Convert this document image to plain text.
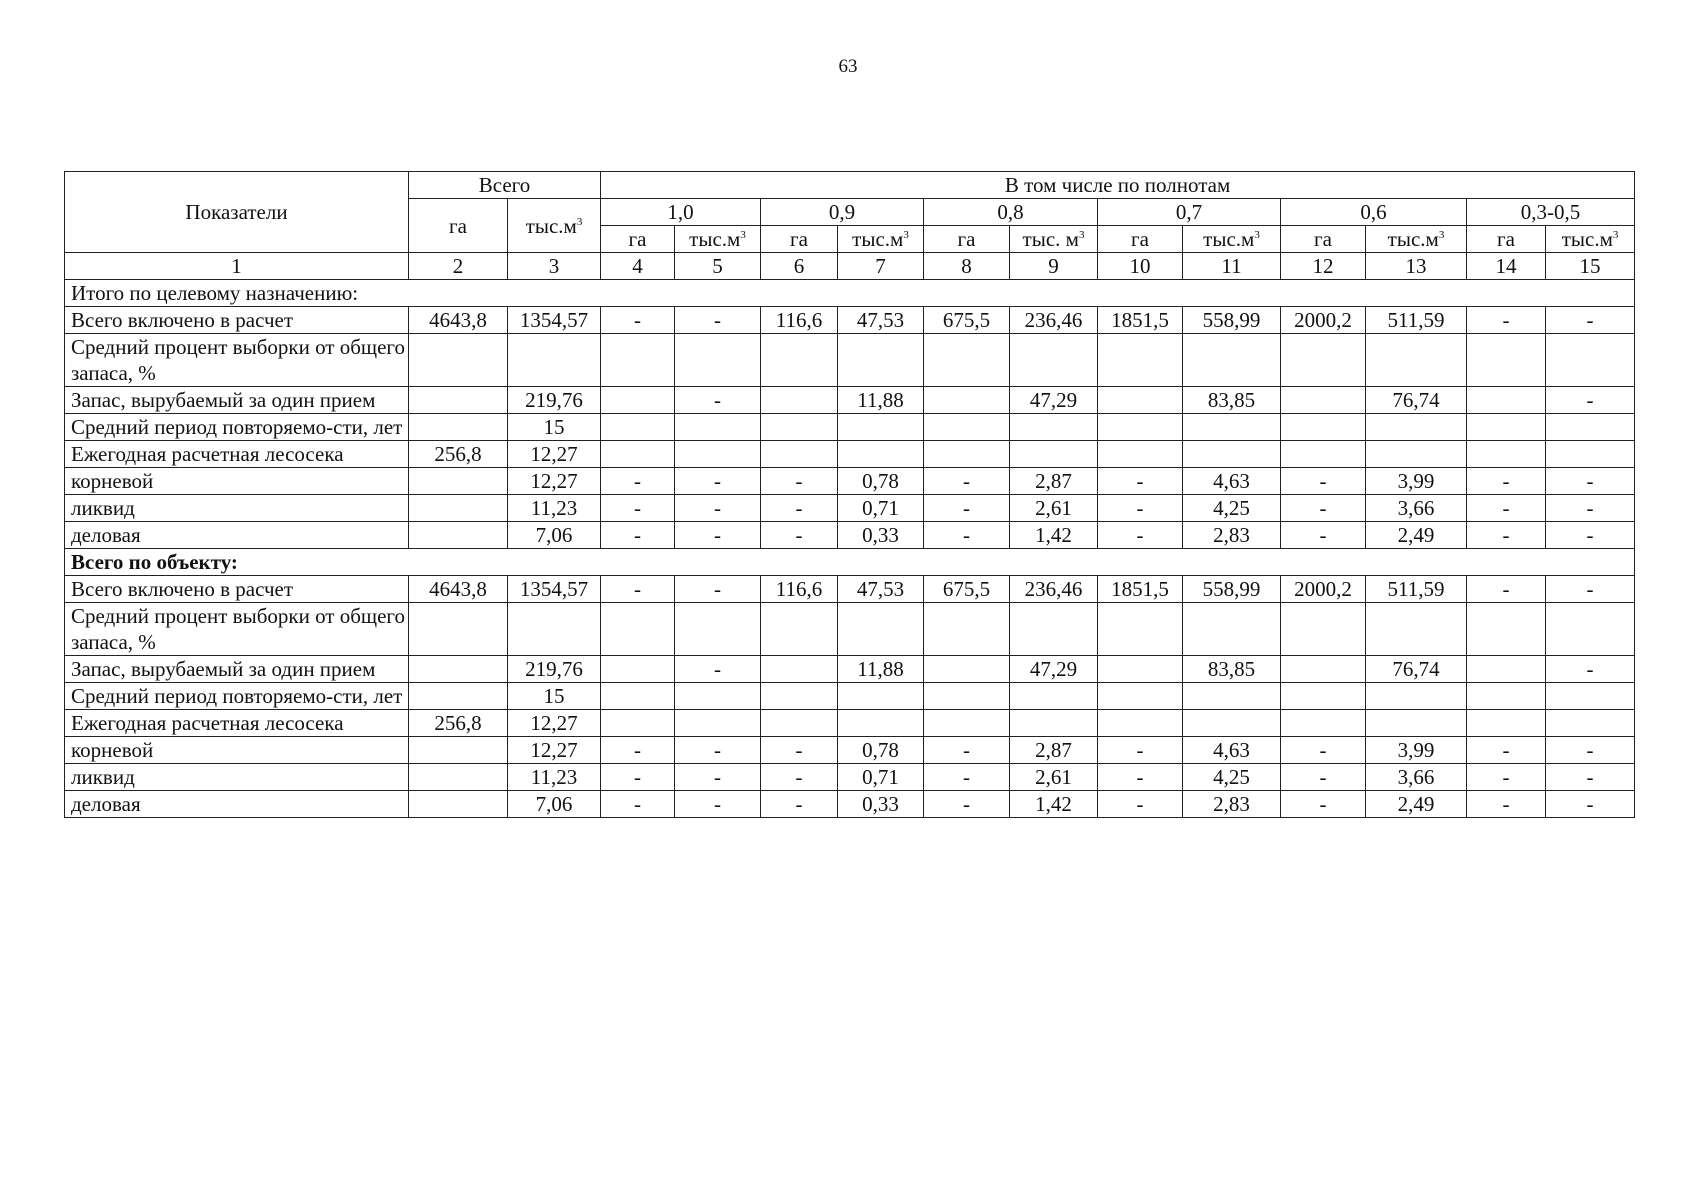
63
Показатели	Всего		В том числе по полнотам											
	га	$тыс.м^3$	1,0		0,9		0,8		0,7		0,6		0,3-0,5	
			га	$тыс.м^3$	га	$тыс.м^3$	га	тыс. $м^3$	га	$тыс.м^3$	га	$тыс.м^3$	га	$тыс.м^3$
1	2	3	4	5	6	7	8	9	10	11	12	13	14	15
Итого по целевому назначению:														
Всего включено в расчет	4643,8	1354,57	-	-	116,6	47,53	675,5	236,46	1851,5	558,99	2000,2	511,59	-	-
Средний процент выборки от общего запаса, %														
Запас, вырубаемый за один прием		219,76		-		11,88		47,29		83,85		76,74		-
Средний период повторяемо-сти, лет		15												
Ежегодная расчетная лесосека	256,8	12,27												
корневой		12,27	-	-	-	0,78	-	2,87	-	4,63	-	3,99	-	-
ликвид		11,23	-	-	-	0,71	-	2,61	-	4,25	-	3,66	-	-
деловая		7,06	-	-	-	0,33	-	1,42	-	2,83	-	2,49	-	-
Всего по объекту:														
Всего включено в расчет	4643,8	1354,57	-	-	116,6	47,53	675,5	236,46	1851,5	558,99	2000,2	511,59	-	-
Средний процент выборки от общего запаса, %														
Запас, вырубаемый за один прием		219,76		-		11,88		47,29		83,85		76,74		-
Средний период повторяемо-сти, лет		15												
Ежегодная расчетная лесосека	256,8	12,27												
корневой		12,27	-	-	-	0,78	-	2,87	-	4,63	-	3,99	-	-
ликвид		11,23	-	-	-	0,71	-	2,61	-	4,25	-	3,66	-	-
деловая		7,06	-	-	-	0,33	-	1,42	-	2,83	-	2,49	-	-
